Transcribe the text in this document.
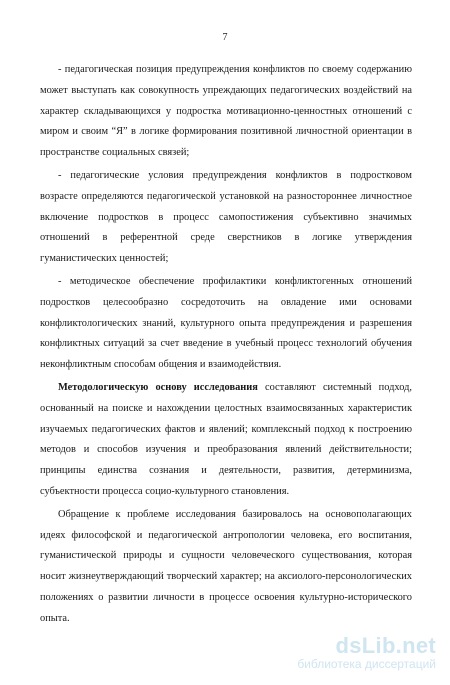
7

- педагогическая позиция предупреждения конфликтов по своему содержанию может выступать как совокупность упреждающих педагогических воздействий на характер складывающихся у подростка мотивационно-ценностных отношений с миром и своим “Я” в логике формирования позитивной личностной ориентации в пространстве социальных связей;

- педагогические условия предупреждения конфликтов в подростковом возрасте определяются педагогической установкой на разностороннее личностное включение подростков в процесс самопостижения субъективно значимых отношений в референтной среде сверстников в логике утверждения гуманистических ценностей;

- методическое обеспечение профилактики конфликтогенных отношений подростков целесообразно сосредоточить на овладение ими основами конфликтологических знаний, культурного опыта предупреждения и разрешения конфликтных ситуаций за счет введение в учебный процесс технологий обучения неконфликтным способам общения и взаимодействия.

Методологическую основу исследования составляют системный подход, основанный на поиске и нахождении целостных взаимосвязанных характеристик изучаемых педагогических фактов и явлений; комплексный подход к построению методов и способов изучения и преобразования явлений действительности; принципы единства сознания и деятельности, развития, детерминизма, субъектности процесса социо-культурного становления.

Обращение к проблеме исследования базировалось на основополагающих идеях философской и педагогической антропологии человека, его воспитания, гуманистической природы и сущности человеческого существования, которая носит жизнеутверждающий творческий характер; на аксиолого-персонологических положениях о развитии личности в процессе освоения культурно-исторического опыта.

dsLib.net
библиотека диссертаций
